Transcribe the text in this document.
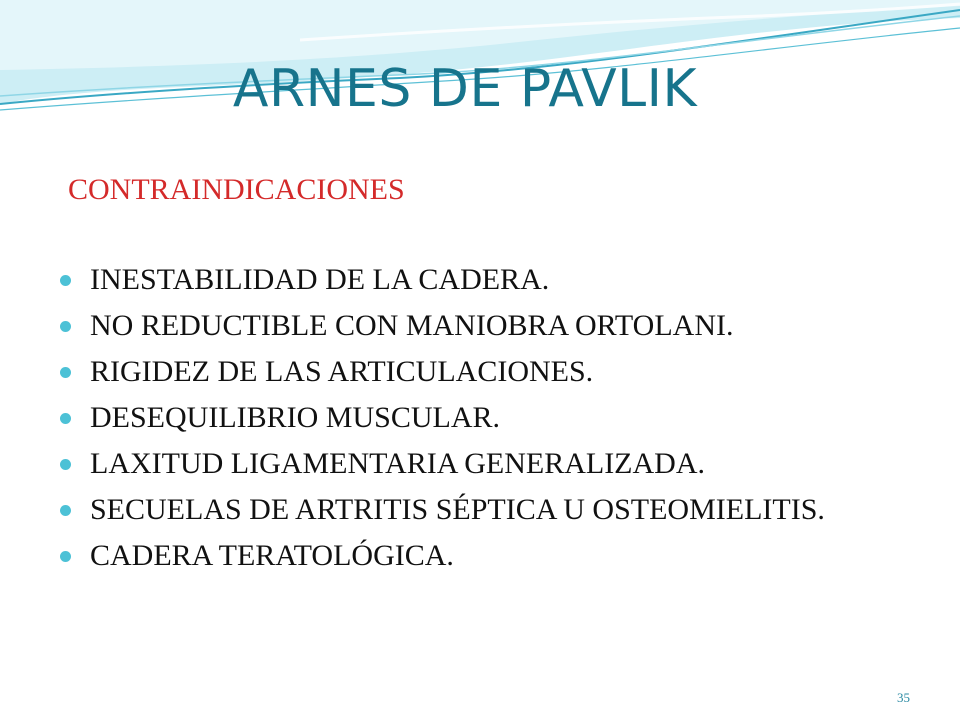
ARNES DE PAVLIK
CONTRAINDICACIONES
INESTABILIDAD DE LA CADERA.
NO REDUCTIBLE CON MANIOBRA ORTOLANI.
RIGIDEZ DE LAS ARTICULACIONES.
DESEQUILIBRIO MUSCULAR.
LAXITUD LIGAMENTARIA GENERALIZADA.
SECUELAS DE ARTRITIS SÉPTICA U OSTEOMIELITIS.
CADERA TERATOLÓGICA.
35
